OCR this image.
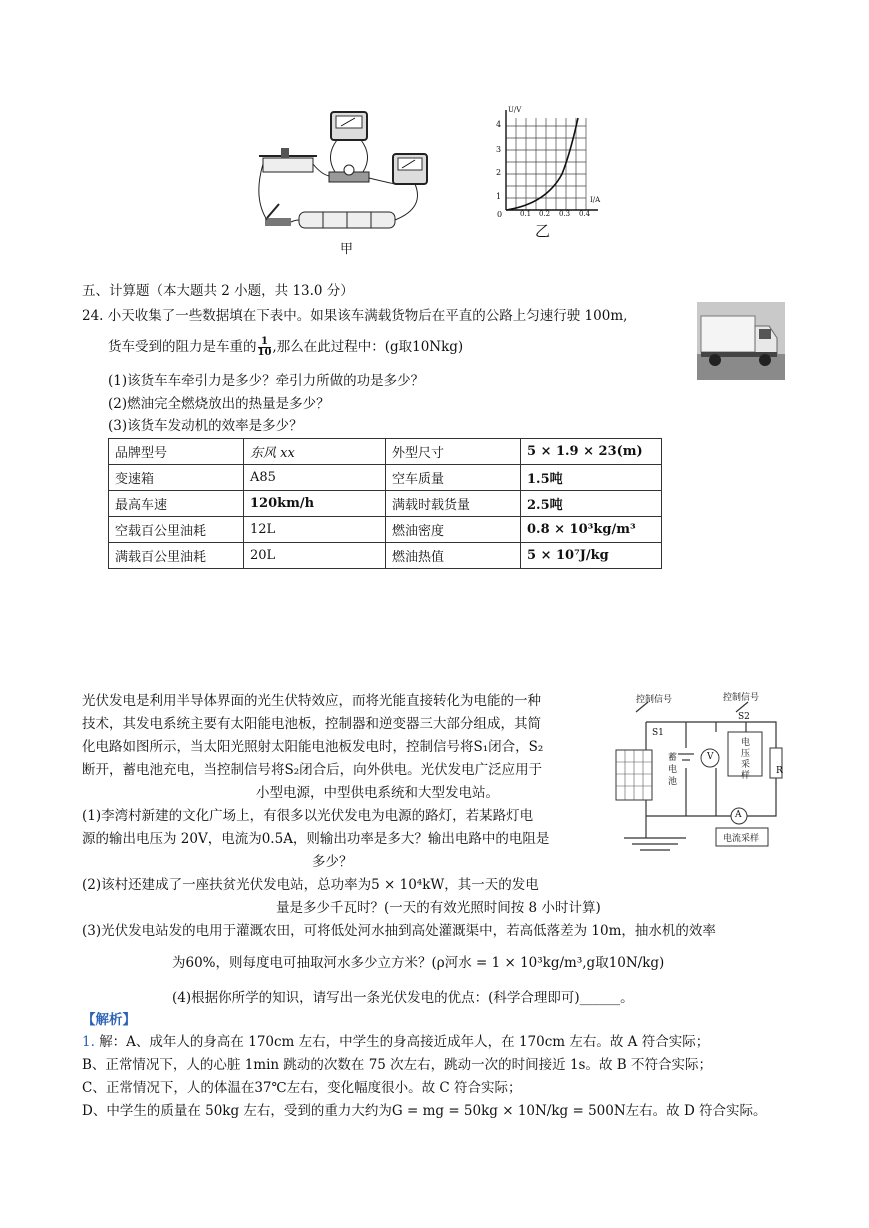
甲
U/V
I/A
4
3
2
1
0	0.1 0.2 0.3 0.4
乙
五、计算题（本大题共 2 小题，共 13.0 分）
24. 小天收集了一些数据填在下表中。如果该车满载货物后在平直的公路上匀速行驶 100m,
货车受到的阻力是车重的 $\frac{1}{10}$ ,那么在此过程中：(g取10Nkg)
(1)该货车车牵引力是多少？牵引力所做的功是多少？
(2)燃油完全燃烧放出的热量是多少？
(3)该货车发动机的效率是多少？
品牌型号	东风 xx	外型尺寸	5 × 1.9 × 23(m)
变速箱	A85	空车质量	1.5吨
最高车速	120km/h	满载时载货量	2.5吨
空载百公里油耗	12L	燃油密度	0.8 × 10³kg/m³
满载百公里油耗	20L	燃油热值	5 × 10⁷J/kg
光伏发电是利用半导体界面的光生伏特效应，而将光能直接转化为电能的一种
技术，其发电系统主要有太阳能电池板，控制器和逆变器三大部分组成，其简
化电路如图所示，当太阳光照射太阳能电池板发电时，控制信号将S₁闭合，S₂
断开，蓄电池充电，当控制信号将S₂闭合后，向外供电。光伏发电广泛应用于
小型电源，中型供电系统和大型发电站。
(1)李湾村新建的文化广场上，有很多以光伏发电为电源的路灯，若某路灯电
源的输出电压为 20V，电流为0.5A，则输出功率是多大？输出电路中的电阻是
多少？
(2)该村还建成了一座扶贫光伏发电站，总功率为5 × 10⁴kW，其一天的发电
量是多少千瓦时？(一天的有效光照时间按 8 小时计算)
(3)光伏发电站发的电用于灌溉农田，可将低处河水抽到高处灌溉渠中，若高低落差为 10m，抽水机的效率
为60%，则每度电可抽取河水多少立方米？(ρ河水 = 1 × 10³kg/m³,g取10N/kg)
(4)根据你所学的知识，请写出一条光伏发电的优点：(科学合理即可)______。
控制信号	控制信号
S1
S2
蓄电池
V
电压采样	R
A
电流采样
【解析】
1. 解：A、成年人的身高在 170cm 左右，中学生的身高接近成年人，在 170cm 左右。故 A 符合实际；
B、正常情况下，人的心脏 1min 跳动的次数在 75 次左右，跳动一次的时间接近 1s。故 B 不符合实际；
C、正常情况下，人的体温在37℃左右，变化幅度很小。故 C 符合实际；
D、中学生的质量在 50kg 左右，受到的重力大约为G = mg = 50kg × 10N/kg = 500N左右。故 D 符合实际。
